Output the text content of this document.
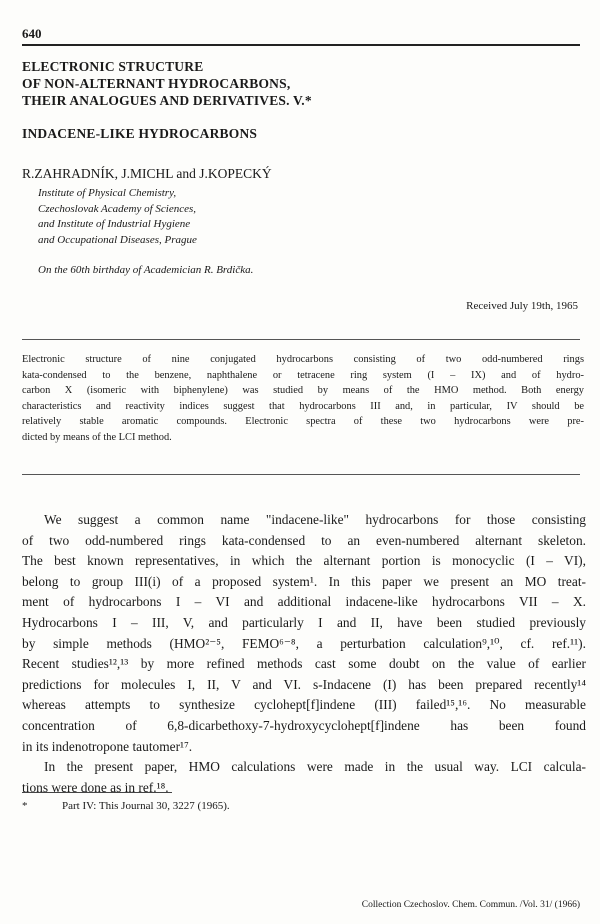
640
ELECTRONIC STRUCTURE
OF NON-ALTERNANT HYDROCARBONS,
THEIR ANALOGUES AND DERIVATIVES. V.*
INDACENE-LIKE HYDROCARBONS
R.ZAHRADNÍK, J.MICHL and J.KOPECKÝ
Institute of Physical Chemistry,
Czechoslovak Academy of Sciences,
and Institute of Industrial Hygiene
and Occupational Diseases, Prague
On the 60th birthday of Academician R. Brdička.
Received July 19th, 1965
Electronic structure of nine conjugated hydrocarbons consisting of two odd-numbered rings
kata-condensed to the benzene, naphthalene or tetracene ring system (I – IX) and of hydro-
carbon X (isomeric with biphenylene) was studied by means of the HMO method. Both energy
characteristics and reactivity indices suggest that hydrocarbons III and, in particular, IV should be
relatively stable aromatic compounds. Electronic spectra of these two hydrocarbons were pre-
dicted by means of the LCI method.
We suggest a common name "indacene-like" hydrocarbons for those consisting
of two odd-numbered rings kata-condensed to an even-numbered alternant skeleton.
The best known representatives, in which the alternant portion is monocyclic (I – VI),
belong to group III(i) of a proposed system¹. In this paper we present an MO treat-
ment of hydrocarbons I – VI and additional indacene-like hydrocarbons VII – X.
Hydrocarbons I – III, V, and particularly I and II, have been studied previously
by simple methods (HMO²⁻⁵, FEMO⁶⁻⁸, a perturbation calculation⁹,¹⁰, cf. ref.¹¹).
Recent studies¹²,¹³ by more refined methods cast some doubt on the value of earlier
predictions for molecules I, II, V and VI. s-Indacene (I) has been prepared recently¹⁴
whereas attempts to synthesize cyclohept[f]indene (III) failed¹⁵,¹⁶. No measurable
concentration of 6,8-dicarbethoxy-7-hydroxycyclohept[f]indene has been found
in its indenotropone tautomer¹⁷.
In the present paper, HMO calculations were made in the usual way. LCI calcula-
tions were done as in ref.¹⁸.
*	Part IV: This Journal 30, 3227 (1965).
Collection Czechoslov. Chem. Commun. /Vol. 31/ (1966)
